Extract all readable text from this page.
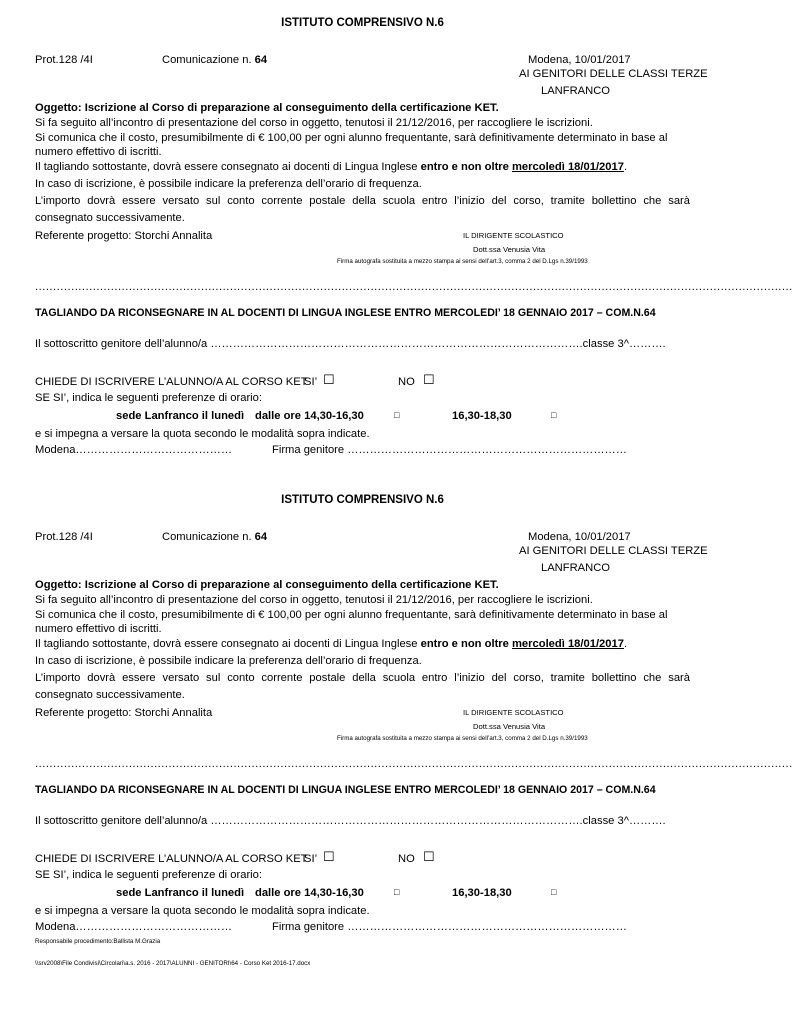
ISTITUTO COMPRENSIVO N.6
Prot.128 /4I	Comunicazione n. 64	Modena, 10/01/2017
AI GENITORI DELLE CLASSI TERZE
LANFRANCO
Oggetto: Iscrizione al Corso di preparazione al conseguimento della certificazione KET.
Si fa seguito all’incontro di presentazione del corso in oggetto, tenutosi il 21/12/2016, per raccogliere le iscrizioni.
Si comunica che il costo, presumibilmente di € 100,00 per ogni alunno frequentante, sarà definitivamente determinato in base al
numero effettivo di iscritti.
Il tagliando sottostante, dovrà essere consegnato ai docenti di Lingua Inglese entro e non oltre mercoledì 18/01/2017.
In caso di iscrizione, è possibile indicare la preferenza dell’orario di frequenza.
L’importo dovrà essere versato sul conto corrente postale della scuola entro l’inizio del corso, tramite bollettino che sarà
consegnato successivamente.
Referente progetto: Storchi Annalita	IL DIRIGENTE SCOLASTICO
Dott.ssa Venusia Vita
Firma autografa sostituita a mezzo stampa ai sensi dell’art.3, comma 2 del D.Lgs n.39/1993
..................................................................................................................................................................................................................
TAGLIANDO DA RICONSEGNARE IN AL DOCENTI DI LINGUA INGLESE ENTRO MERCOLEDI’ 18 GENNAIO 2017 – COM.N.64
Il sottoscritto genitore dell’alunno/a ……………………………………………………………………………………….classe 3^……….
CHIEDE DI ISCRIVERE L’ALUNNO/A AL CORSO KET
SI’ ☐	NO ☐
SE SI’, indica le seguenti preferenze di orario:
sede Lanfranco il lunedì dalle ore 14,30-16,30	□	16,30-18,30	□
e si impegna a versare la quota secondo le modalità sopra indicate.
Modena……………………………………	Firma genitore …………………………………………………………………
ISTITUTO COMPRENSIVO N.6
Prot.128 /4I	Comunicazione n. 64	Modena, 10/01/2017
AI GENITORI DELLE CLASSI TERZE
LANFRANCO
Oggetto: Iscrizione al Corso di preparazione al conseguimento della certificazione KET.
Si fa seguito all’incontro di presentazione del corso in oggetto, tenutosi il 21/12/2016, per raccogliere le iscrizioni.
Si comunica che il costo, presumibilmente di € 100,00 per ogni alunno frequentante, sarà definitivamente determinato in base al
numero effettivo di iscritti.
Il tagliando sottostante, dovrà essere consegnato ai docenti di Lingua Inglese entro e non oltre mercoledì 18/01/2017.
In caso di iscrizione, è possibile indicare la preferenza dell’orario di frequenza.
L’importo dovrà essere versato sul conto corrente postale della scuola entro l’inizio del corso, tramite bollettino che sarà
consegnato successivamente.
Referente progetto: Storchi Annalita	IL DIRIGENTE SCOLASTICO
Dott.ssa Venusia Vita
Firma autografa sostituita a mezzo stampa ai sensi dell’art.3, comma 2 del D.Lgs n.39/1993
..................................................................................................................................................................................................................
TAGLIANDO DA RICONSEGNARE IN AL DOCENTI DI LINGUA INGLESE ENTRO MERCOLEDI’ 18 GENNAIO 2017 – COM.N.64
Il sottoscritto genitore dell’alunno/a ……………………………………………………………………………………….classe 3^……….
CHIEDE DI ISCRIVERE L’ALUNNO/A AL CORSO KET
SI’ ☐	NO ☐
SE SI’, indica le seguenti preferenze di orario:
sede Lanfranco il lunedì dalle ore 14,30-16,30	□	16,30-18,30	□
e si impegna a versare la quota secondo le modalità sopra indicate.
Responsabile procedimento:Ballista M.Grazia
Modena……………………………………	Firma genitore …………………………………………………………………
\\srv2008\File Condivisi\Circolari\a.s. 2016 - 2017\ALUNNI - GENITORI\64 - Corso Ket 2016-17.docx
